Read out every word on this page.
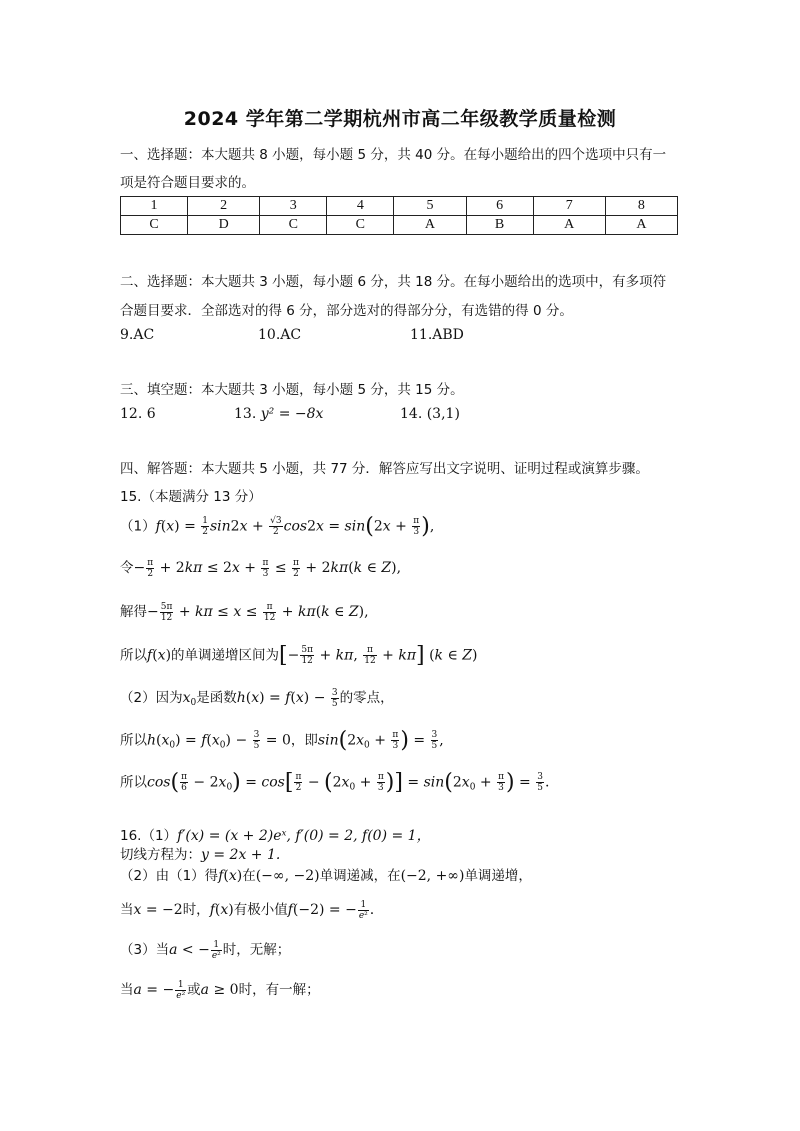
2024 学年第二学期杭州市高二年级教学质量检测
一、选择题：本大题共 8 小题，每小题 5 分，共 40 分。在每小题给出的四个选项中只有一
项是符合题目要求的。
1	2	3	4	5	6	7	8
C	D	C	C	A	B	A	A
二、选择题：本大题共 3 小题，每小题 6 分，共 18 分。在每小题给出的选项中，有多项符
合题目要求．全部选对的得 6 分，部分选对的得部分分，有选错的得 0 分。
9.AC	10.AC	11.ABD
三、填空题：本大题共 3 小题，每小题 5 分，共 15 分。
12. 6	13. y² = −8x	14. (3,1)
四、解答题：本大题共 5 小题，共 77 分．解答应写出文字说明、证明过程或演算步骤。
15.（本题满分 13 分）
$(1)f(x) = \frac{1}{2} \sin 2x + \frac{√3}{2} \cos 2x = \sin(2x + \frac{\pi}{3}$ ),
令− $\frac{\pi}{2} + 2k\pi \le 2x + \frac{\pi}{3} \le \frac{\pi}{2} + 2k\pi(k$ ∈ Z),
解得− $\frac{5\pi}{12} + k\pi \le x \le \frac{\pi}{12} + k\pi(k$ ∈ Z),
所以f(x)的单调递增区间为[− $\frac{5\pi}{12} + k\pi$, $\frac{\pi}{12} + k\pi$] (k ∈ Z)
（2）因为$x_0$是函数$h(x) = f(x) - \frac{3}{5}$ 的零点，
所以$h(x_0) = f(x_0) - \frac{3}{5} = 0$，即$\sin(2x_0 + \frac{\pi}{3}$ ) = $\frac{3}{5}$ ,
所以$\cos( \frac{\pi}{6} - 2x_0) = \cos[ \frac{\pi}{2} - (2x_0 + \frac{\pi}{3}$ )] = $\sin(2x_0 + \frac{\pi}{3}$ ) = $\frac{3}{5}$ .
16.（1）f′(x) = (x + 2)eˣ, f′(0) = 2, f(0) = 1，
切线方程为：y = 2x + 1.
（2）由（1）得f(x)在(−∞, −2)单调递减，在(−2, +∞)单调递增，
当x = −2时，f(x)有极小值f(−2) = − $\frac{1}{\text{e²}}$ .
（3）当a < − $\frac{1}{\text{e²}}$ 时，无解；
当a = − $\frac{1}{\text{e²}}$ 或a ≥ 0时，有一解；
